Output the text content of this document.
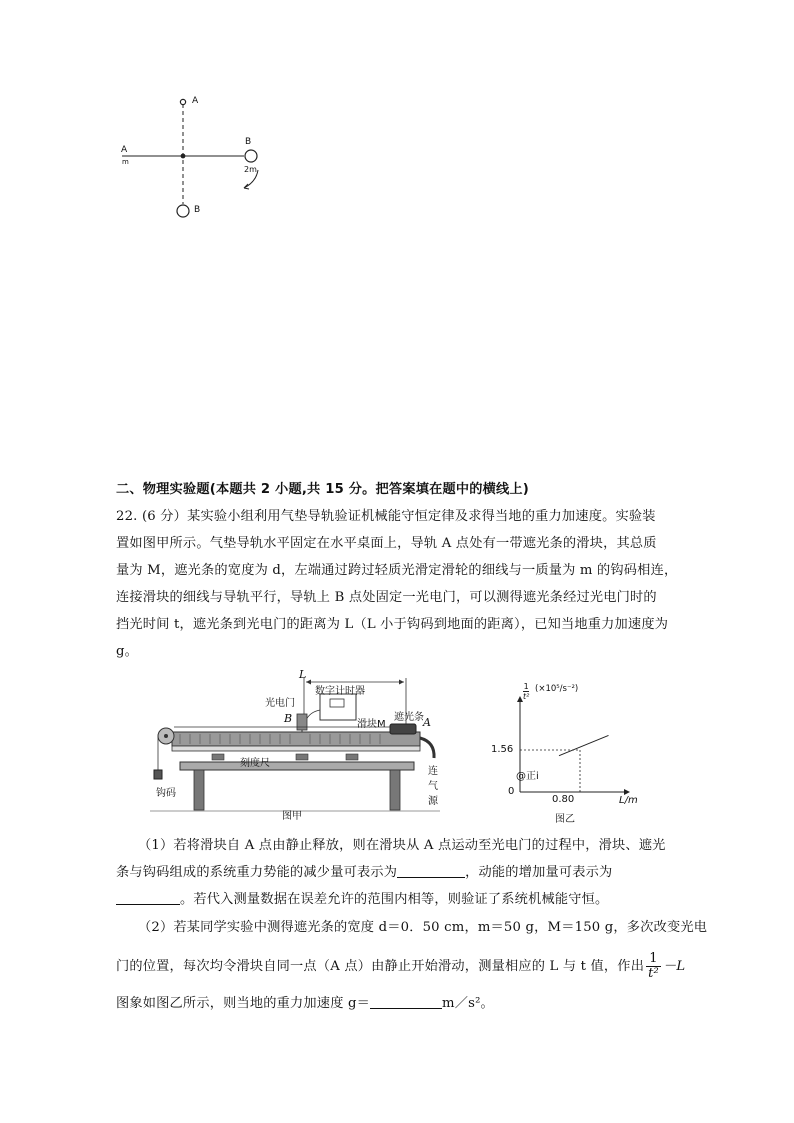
A
A
m
B
2m
B
二、物理实验题(本题共 2 小题,共 15 分。把答案填在题中的横线上)
22. (6 分）某实验小组利用气垫导轨验证机械能守恒定律及求得当地的重力加速度。实验装
置如图甲所示。气垫导轨水平固定在水平桌面上，导轨 A 点处有一带遮光条的滑块，其总质
量为 M，遮光条的宽度为 d，左端通过跨过轻质光滑定滑轮的细线与一质量为 m 的钩码相连，
连接滑块的细线与导轨平行，导轨上 B 点处固定一光电门，可以测得遮光条经过光电门时的
挡光时间 t，遮光条到光电门的距离为 L（L 小于钩码到地面的距离），已知当地重力加速度为
g。
L
数字计时器
光电门
B	遮光条
滑块M	A
刻度尺
连气源
钩码
图甲
$\frac{1}{\text{t²}} (\times 10^5/s^{-2})$
1.56
0
0.80	L/m
@正i
图乙
（1）若将滑块自 A 点由静止释放，则在滑块从 A 点运动至光电门的过程中，滑块、遮光
条与钩码组成的系统重力势能的减少量可表示为	，动能的增加量可表示为
。若代入测量数据在误差允许的范围内相等，则验证了系统机械能守恒。
（2）若某同学实验中测得遮光条的宽度 d＝0．50 cm，m＝50 g，M＝150 g，多次改变光电
门的位置，每次均令滑块自同一点（A 点）由静止开始滑动，测量相应的 L 与 t 值，作出 $\frac{1}{\text{t²}} -L$
图象如图乙所示，则当地的重力加速度 g＝	m／s²。
